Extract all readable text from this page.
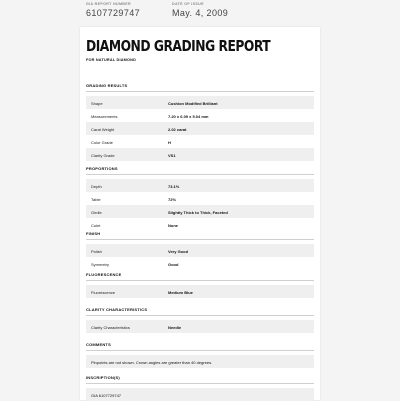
GIA REPORT NUMBER
6107729747
DATE OF ISSUE
May. 4, 2009
DIAMOND GRADING REPORT
FOR NATURAL DIAMOND
GRADING RESULTS
Shape	Cushion Modified Brilliant
Measurements	7.20 x 6.09 x 5.04 mm
Carat Weight	2.02 carat
Color Grade	H
Clarity Grade	VS1
PROPORTIONS
Depth	73.1%
Table	72%
Girdle	Slightly Thick to Thick, Faceted
Culet	None
FINISH
Polish	Very Good
Symmetry	Good
FLUORESCENCE
Fluorescence	Medium Blue
CLARITY CHARACTERISTICS
Clarity Characteristics	Needle
COMMENTS
Pinpoints are not shown. Crown angles are greater than 40 degrees.
INSCRIPTION(S)
GIA 6107729747
